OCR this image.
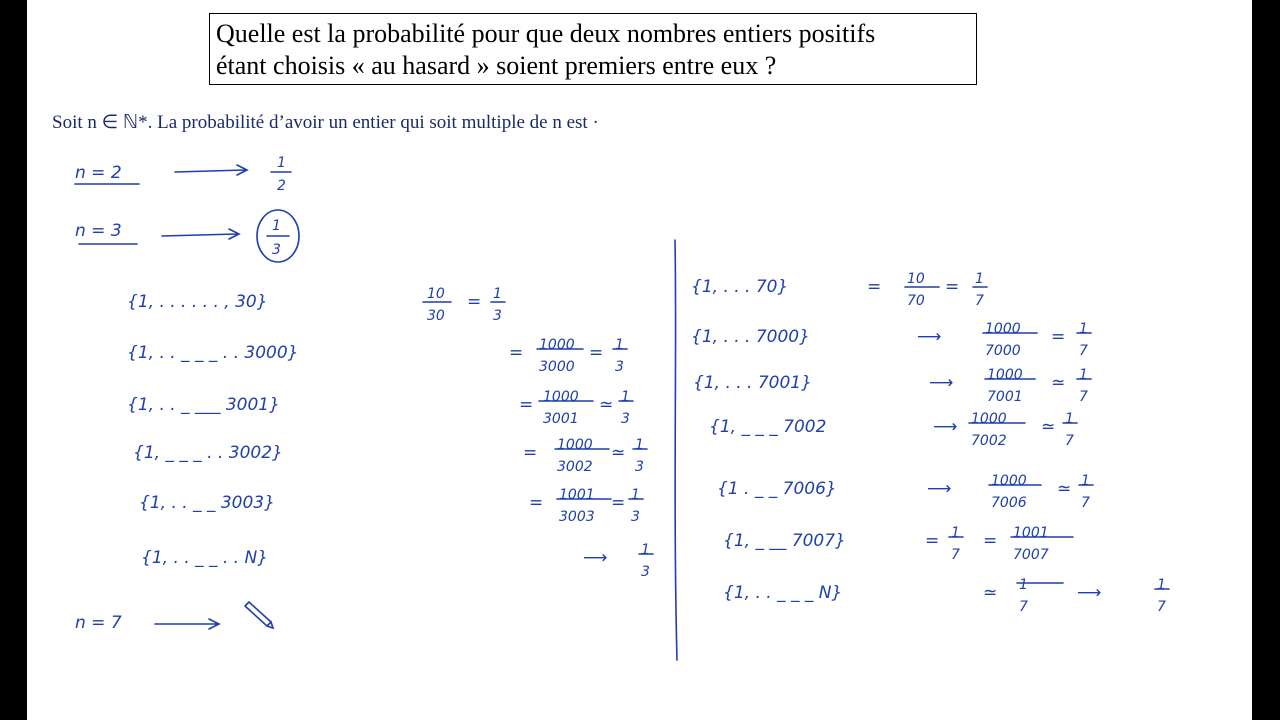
Quelle est la probabilité pour que deux nombres entiers positifs
étant choisis « au hasard » soient premiers entre eux ?
Soit n ∈ ℕ*. La probabilité d’avoir un entier qui soit multiple de n est ·
n = 2	1
2
n = 3	1
3
n = 7
{1, . . . . . . , 30}	10
30
= 1
3
{1, . . _ _ _ . . 3000}	= 1000
3000
= 1
3
{1, . . _ ___ 3001}	= 1000
3001
≃ 1
3
{1, _ _ _ . . 3002}	= 1000
3002
≃ 1
3
{1, . . _ _ 3003}	= 1001
3003
= 1
3
{1, . . _ _ . . N}	⟶ 1
3
{1, . . . 70}	= 10
70
= 1
7
{1, . . . 7000}	⟶	1000
7000
= 1
7
{1, . . . 7001}	⟶ 1000
7001
≃ 1
7
{1, _ _ _ 7002	⟶ 1000
7002
≃ 1
7
{1 . _ _ 7006}	⟶	1000
7006
≃ 1
7
{1, _ __ 7007}	= 1
7
= 1001
7007
{1, . . _ _ _ N}	≃ 1
7
⟶	1
7
